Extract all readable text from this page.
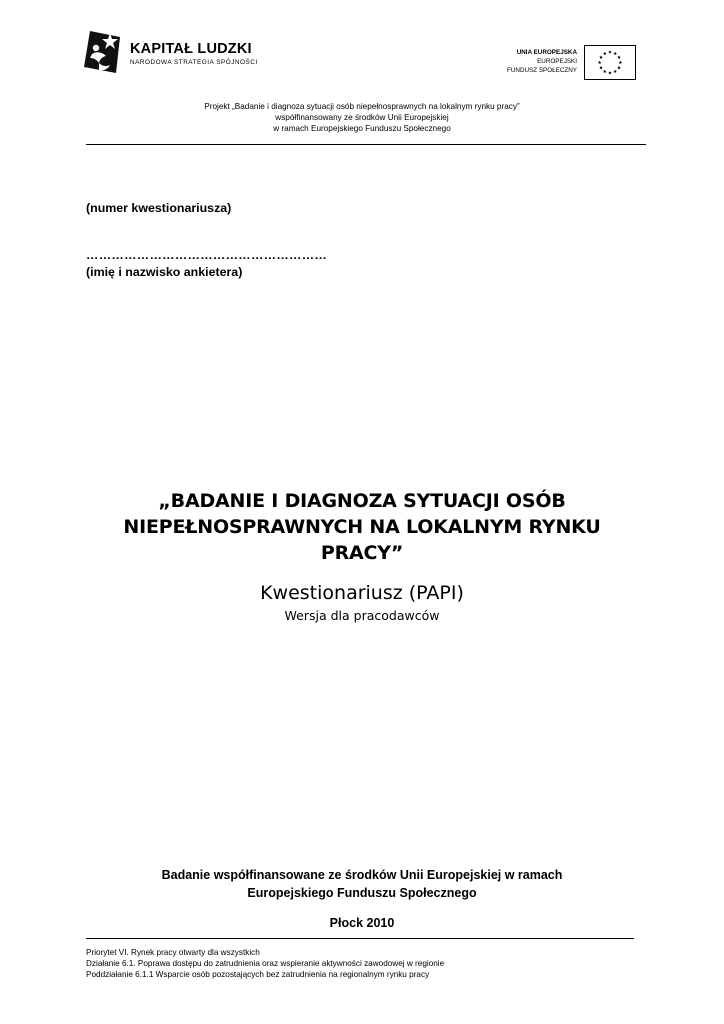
KAPITAŁ LUDZKI
NARODOWA STRATEGIA SPÓJNOŚCI
UNIA EUROPEJSKA
EUROPEJSKI
FUNDUSZ SPOŁECZNY
Projekt „Badanie i diagnoza sytuacji osób niepełnosprawnych na lokalnym rynku pracy”
współfinansowany ze środków Unii Europejskiej
w ramach Europejskiego Funduszu Społecznego
(numer kwestionariusza)
…………………………………………………
(imię i nazwisko ankietera)
„BADANIE I DIAGNOZA SYTUACJI OSÓB
NIEPEŁNOSPRAWNYCH NA LOKALNYM RYNKU
PRACY”
Kwestionariusz (PAPI)
Wersja dla pracodawców
Badanie współfinansowane ze środków Unii Europejskiej w ramach
Europejskiego Funduszu Społecznego
Płock 2010
Priorytet VI. Rynek pracy otwarty dla wszystkich
Działanie 6.1. Poprawa dostępu do zatrudnienia oraz wspieranie aktywności zawodowej w regionie
Poddziałanie 6.1.1 Wsparcie osób pozostających bez zatrudnienia na regionalnym rynku pracy
